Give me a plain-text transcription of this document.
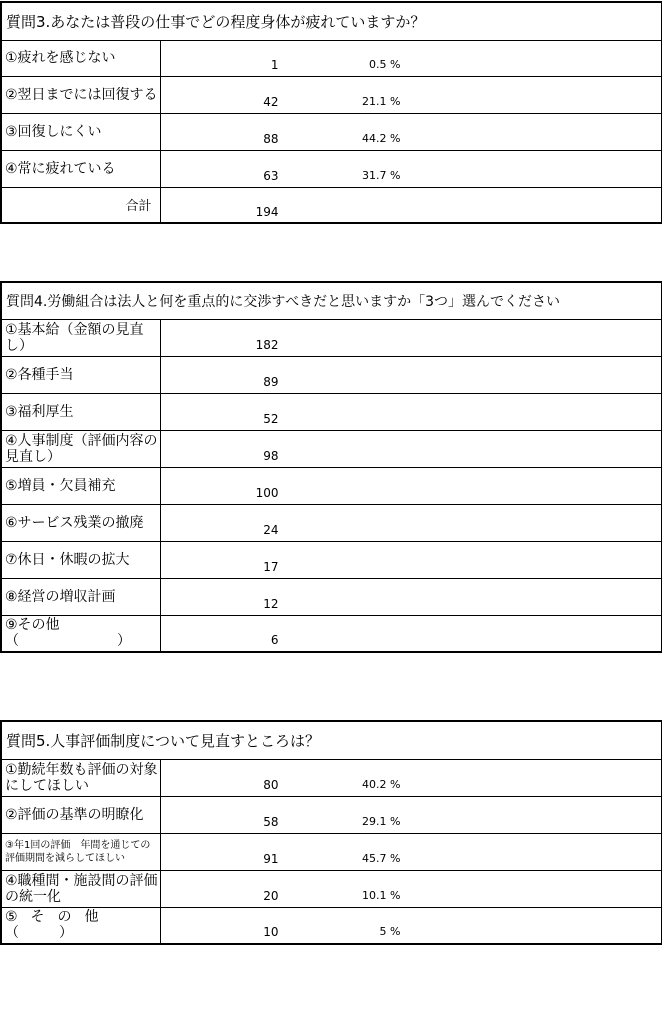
質問3.あなたは普段の仕事でどの程度身体が疲れていますか？	
①疲れを感じない	1 0.5 %

②翌日までには回復する	42 21.1 %

③回復しにくい	88 44.2 %

④常に疲れている	63 31.7 %

合計	194
質問4.労働組合は法人と何を重点的に交渉すべきだと思いますか「3つ」選んでください	
①基本給（金額の見直し）	182

②各種手当	89

③福利厚生	52

④人事制度（評価内容の見直し）	98

⑤増員・欠員補充	100

⑥サービス残業の撤廃	24

⑦休日・休暇の拡大	17

⑧経営の増収計画	12

⑨その他（　　　　　　　）	6
質問5.人事評価制度について見直すところは？	
①勤続年数も評価の対象にしてほしい	80 40.2 %

②評価の基準の明瞭化	58 29.1 %

③年1回の評価　年間を通じての評価期間を減らしてほしい	91 45.7 %

④職種間・施設間の評価の統一化	20 10.1 %

⑤その他（　）	10 5 %
